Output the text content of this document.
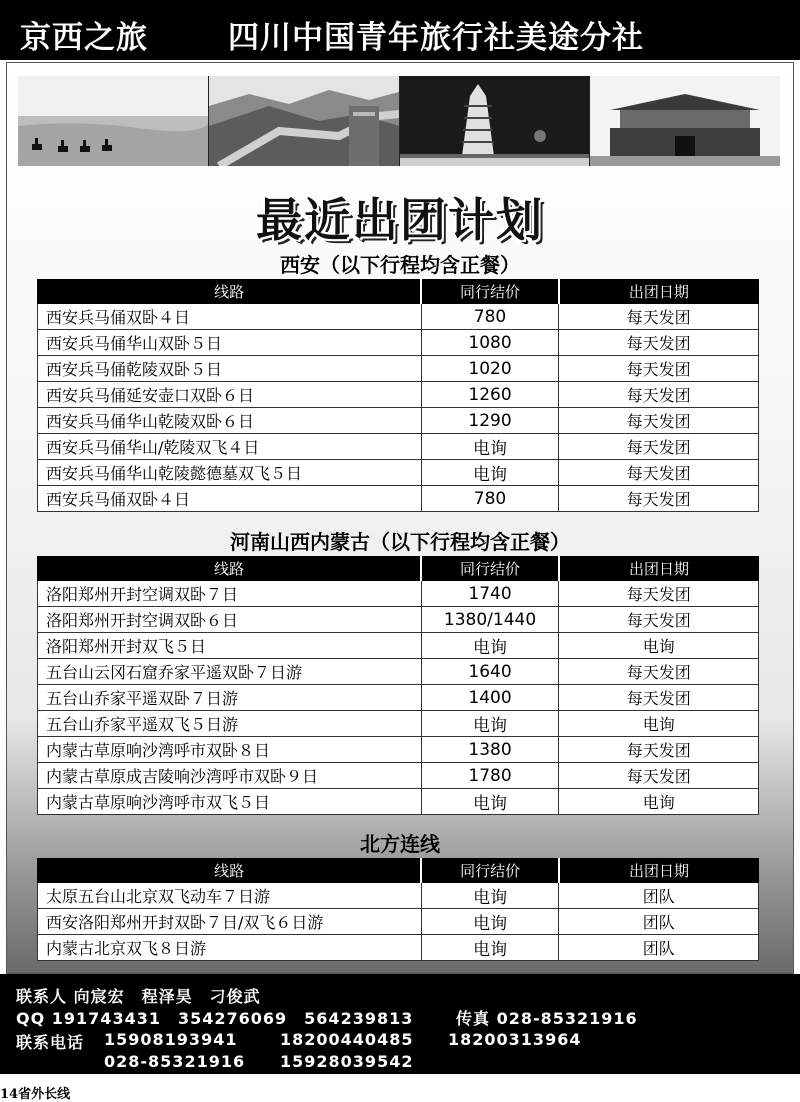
京西之旅	四川中国青年旅行社美途分社
最近出团计划
西安（以下行程均含正餐）
线路	同行结价	出团日期
西安兵马俑双卧４日	780	每天发团
西安兵马俑华山双卧５日	1080	每天发团
西安兵马俑乾陵双卧５日	1020	每天发团
西安兵马俑延安壶口双卧６日	1260	每天发团
西安兵马俑华山乾陵双卧６日	1290	每天发团
西安兵马俑华山/乾陵双飞４日	电询	每天发团
西安兵马俑华山乾陵懿德墓双飞５日	电询	每天发团
西安兵马俑双卧４日	780	每天发团
河南山西内蒙古（以下行程均含正餐）
线路	同行结价	出团日期
洛阳郑州开封空调双卧７日	1740	每天发团
洛阳郑州开封空调双卧６日	1380/1440	每天发团
洛阳郑州开封双飞５日	电询	电询
五台山云冈石窟乔家平遥双卧７日游	1640	每天发团
五台山乔家平遥双卧７日游	1400	每天发团
五台山乔家平遥双飞５日游	电询	电询
内蒙古草原响沙湾呼市双卧８日	1380	每天发团
内蒙古草原成吉陵响沙湾呼市双卧９日	1780	每天发团
内蒙古草原响沙湾呼市双飞５日	电询	电询
北方连线
线路	同行结价	出团日期
太原五台山北京双飞动车７日游	电询	团队
西安洛阳郑州开封双卧７日/双飞６日游	电询	团队
内蒙古北京双飞８日游	电询	团队
联系人 向宸宏　程泽昊　刁俊武
QQ 191743431　354276069　564239813	传真 028-85321916
联系电话 15908193941	18200440485 18200313964
028-85321916 15928039542
14省外长线
